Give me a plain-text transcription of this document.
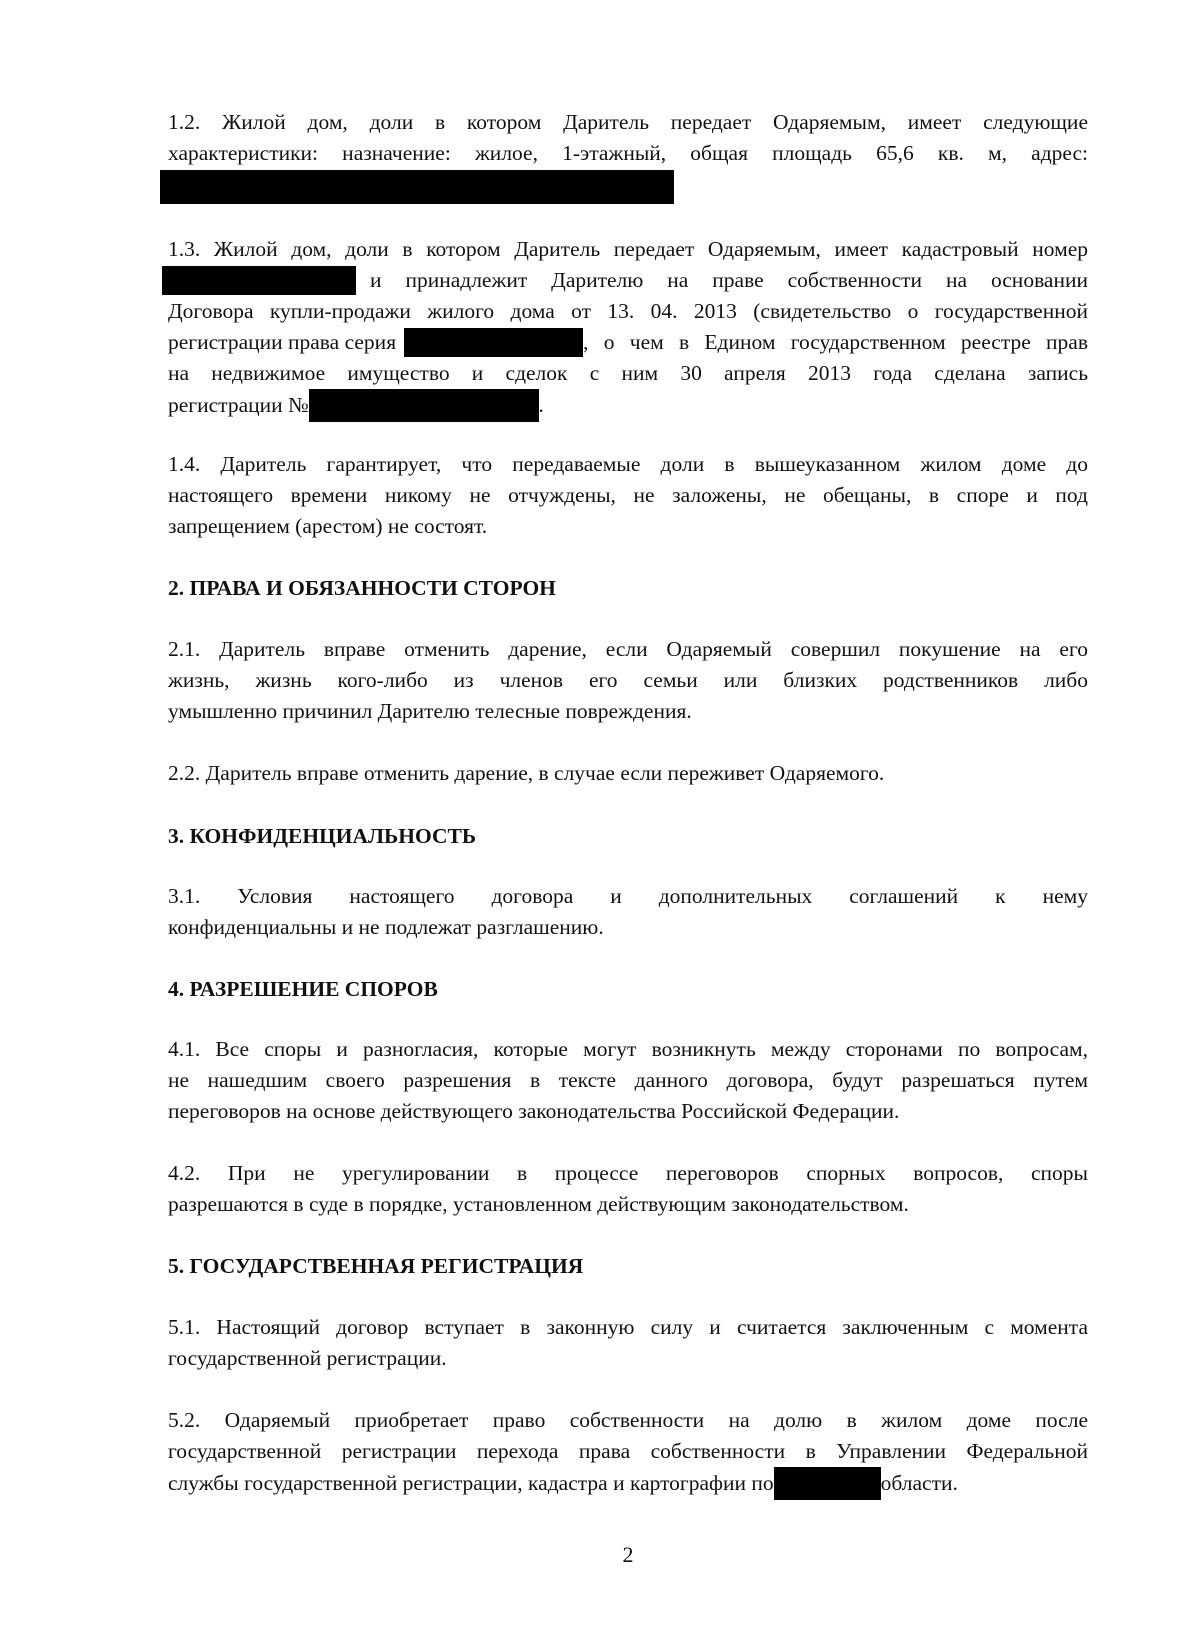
1.2. Жилой дом, доли в котором Даритель передает Одаряемым, имеет следующие
характеристики: назначение: жилое, 1-этажный, общая площадь 65,6 кв. м, адрес:
1.3. Жилой дом, доли в котором Даритель передает Одаряемым, имеет кадастровый номер
и принадлежит Дарителю на праве собственности на основании
Договора купли-продажи жилого дома от 13. 04. 2013 (свидетельство о государственной
регистрации права серия	, о чем в Едином государственном реестре прав
на недвижимое имущество и сделок с ним 30 апреля 2013 года сделана запись
регистрации №	.
1.4. Даритель гарантирует, что передаваемые доли в вышеуказанном жилом доме до
настоящего времени никому не отчуждены, не заложены, не обещаны, в споре и под
запрещением (арестом) не состоят.
2. ПРАВА И ОБЯЗАННОСТИ СТОРОН
2.1. Даритель вправе отменить дарение, если Одаряемый совершил покушение на его
жизнь, жизнь кого-либо из членов его семьи или близких родственников либо
умышленно причинил Дарителю телесные повреждения.
2.2. Даритель вправе отменить дарение, в случае если переживет Одаряемого.
3. КОНФИДЕНЦИАЛЬНОСТЬ
3.1. Условия настоящего договора и дополнительных соглашений к нему
конфиденциальны и не подлежат разглашению.
4. РАЗРЕШЕНИЕ СПОРОВ
4.1. Все споры и разногласия, которые могут возникнуть между сторонами по вопросам,
не нашедшим своего разрешения в тексте данного договора, будут разрешаться путем
переговоров на основе действующего законодательства Российской Федерации.
4.2. При не урегулировании в процессе переговоров спорных вопросов, споры
разрешаются в суде в порядке, установленном действующим законодательством.
5. ГОСУДАРСТВЕННАЯ РЕГИСТРАЦИЯ
5.1. Настоящий договор вступает в законную силу и считается заключенным с момента
государственной регистрации.
5.2. Одаряемый приобретает право собственности на долю в жилом доме после
государственной регистрации перехода права собственности в Управлении Федеральной
службы государственной регистрации, кадастра и картографии по	области.
2
